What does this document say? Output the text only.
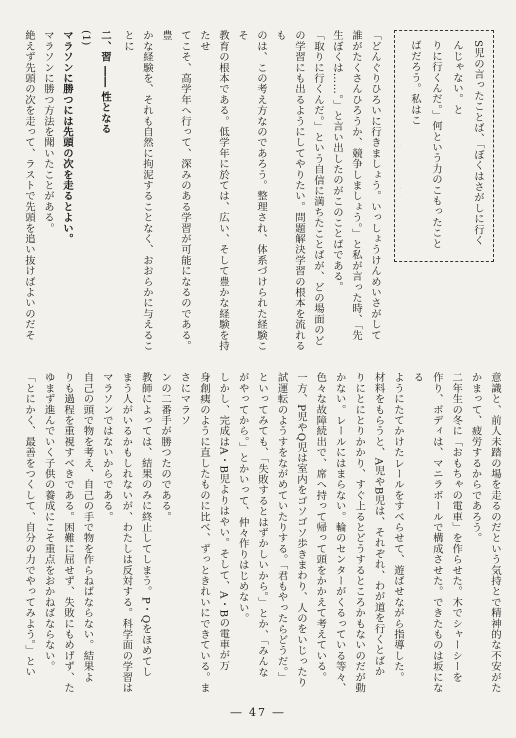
S児の言ったことば、「ぼくはさがしに行くんじゃない。と

りに行くんだ。」何という力のこもったことばだろう。私はこ

「どんぐりひろいに行きましょう。いっしょうけんめいさがして

誰がたくさんひろうか、競争しましょう。」と私が言った時、「先

生ぼくは……。」と言い出したのがこのことばである。

「取りに行くんだ。」という自信に満ちたことばが、どの場面のど

の学習にも出るようにしてやりたい。問題解決学習の根本を流れるも

のは、この考え方なのであろう。整理され、体系づけられた経験こそ

教育の根本である。低学年に於ては、広い、そして豊かな経験を持たせ

てこそ、高学年へ行って、深みのある学習が可能になるのである。豊

かな経験を、それも自然に拘泥することなく、おおらかに与えることに

二、習 ―― 性となる

(1)

マラソンに勝つには先頭の次を走るとよい。

マラソンに勝つ方法を聞いたことがある。

絶えず先頭の次を走って、ラストで先頭を追い抜けばよいのだそ

意識と、前人未踏の場を走るのだという気持とで精神的な不安がた

かまって、疲労するからであろう。

二年生の冬に「おもちゃの電車」を作らせた。木でシャーシーを

作り、ボディは、マニラボールで構成させた。できたものは坂になる

ようにたてかけたレールをすべらせて、遊ばせながら指導した。

材料をもらうと、A児やB児は、それぞれ、わが道を行くとばか

りにとにとりかかり、すぐ上るとどうするところかもないのだが動

かない。レールにはまらない。輪のセンターがくるっている等々、

色々な故障続出で、席へ持って帰って頭をかかえて考えている。

一方、P児やQ児は室内をゴソゴソ歩きまわり、人のをいじったり

試運転のようすをながめていたりする。「君もやったらどうだ。」

といってみても、「失敗するとはずかしいから。」とか、「みんな

がやってから。」とかいって、仲々作りはじめない。

しかし、完成はA・B児よりはやい。そして、A・Bの電車が万

身創痍のように直したものに比べ、ずっときれいにできている。まさにマラソ

ンの二番手が勝つたのである。

教師によっては、結果のみに終止してしまう。P・Qをほめてし

まう人がいるかもしれないが、わたしは反対する。科学面の学習は

マラソンではないからである。

自己の頭で物を考え、自己の手で物を作らねばならない。結果よ

りも過程を重視すべきである。困難に屈せず、失敗にもめげず、た

ゆまず進んでいく子供の養成にこそ重点をおかねばならない。

「とにかく、最善をつくして、自分の力でやってみよう。」とい

― 47 ―
